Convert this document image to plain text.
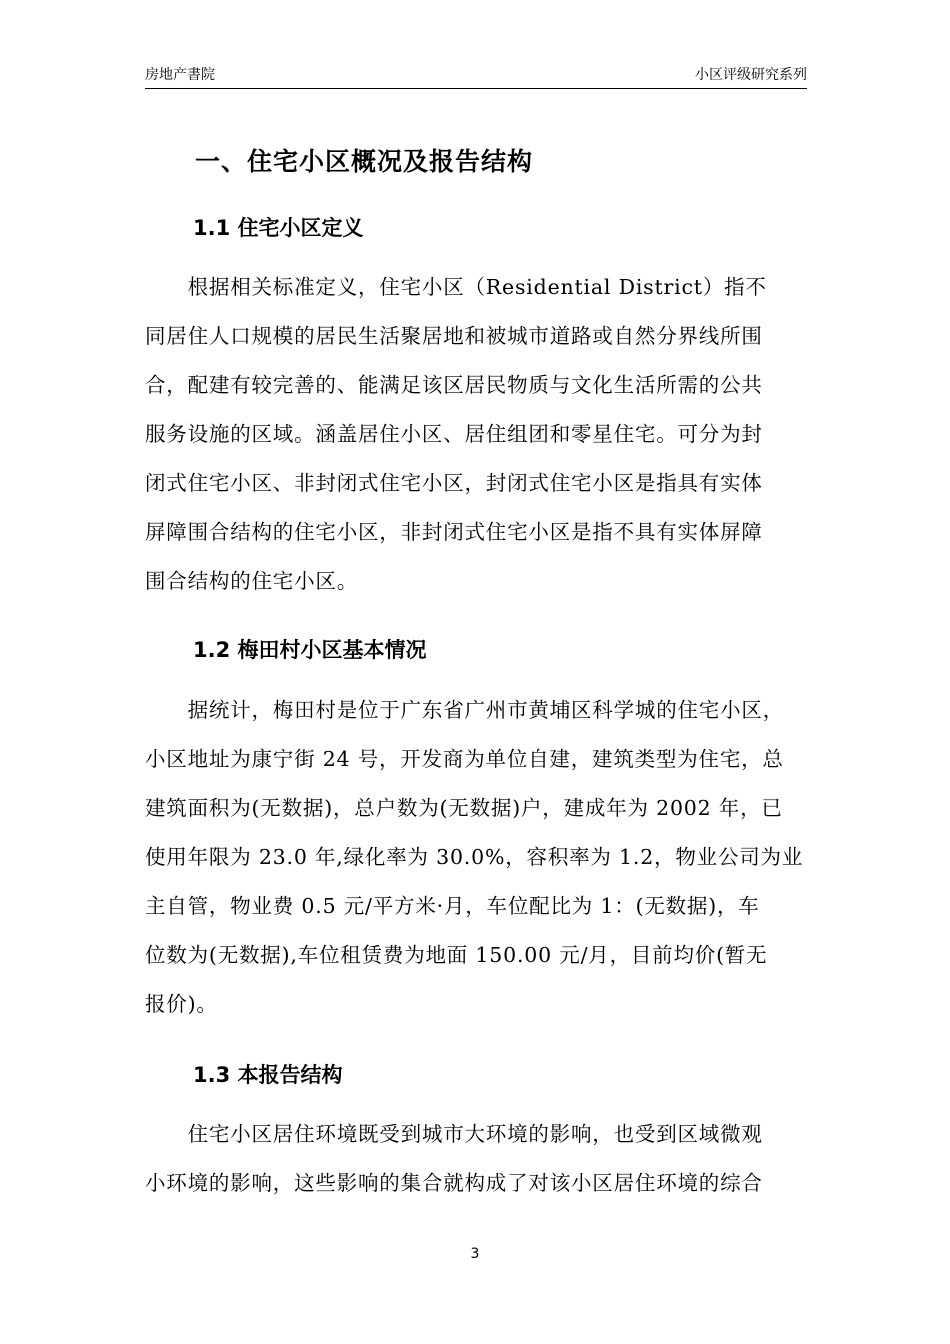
房地产書院	小区评级研究系列
一、住宅小区概况及报告结构
1.1 住宅小区定义
　　根据相关标准定义，住宅小区（Residential District）指不
同居住人口规模的居民生活聚居地和被城市道路或自然分界线所围
合，配建有较完善的、能满足该区居民物质与文化生活所需的公共
服务设施的区域。涵盖居住小区、居住组团和零星住宅。可分为封
闭式住宅小区、非封闭式住宅小区，封闭式住宅小区是指具有实体
屏障围合结构的住宅小区，非封闭式住宅小区是指不具有实体屏障
围合结构的住宅小区。
1.2 梅田村小区基本情况
　　据统计，梅田村是位于广东省广州市黄埔区科学城的住宅小区，
小区地址为康宁街 24 号，开发商为单位自建，建筑类型为住宅，总
建筑面积为(无数据)，总户数为(无数据)户，建成年为 2002 年，已
使用年限为 23.0 年,绿化率为 30.0%，容积率为 1.2，物业公司为业
主自管，物业费 0.5 元/平方米·月，车位配比为 1：(无数据)，车
位数为(无数据),车位租赁费为地面 150.00 元/月，目前均价(暂无
报价)。
1.3 本报告结构
　　住宅小区居住环境既受到城市大环境的影响，也受到区域微观
小环境的影响，这些影响的集合就构成了对该小区居住环境的综合
3
